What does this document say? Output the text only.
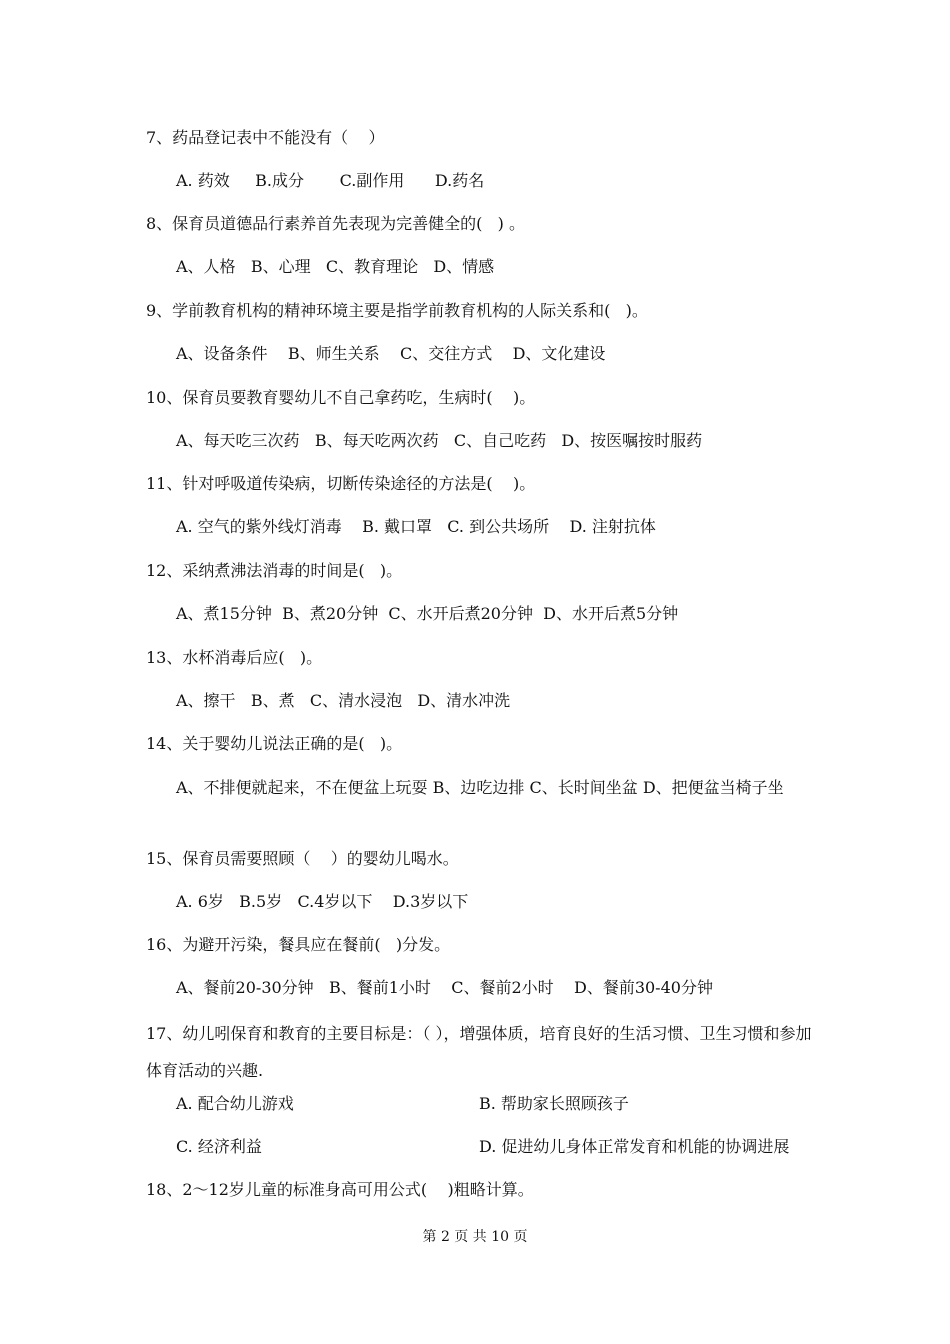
7、药品登记表中不能没有（    ）
A. 药效     B.成分       C.副作用      D.药名
8、保育员道德品行素养首先表现为完善健全的(   ) 。
A、人格   B、心理   C、教育理论   D、情感
9、学前教育机构的精神环境主要是指学前教育机构的人际关系和(   )。
A、设备条件    B、师生关系    C、交往方式    D、文化建设
10、保育员要教育婴幼儿不自己拿药吃，生病时(    )。
A、每天吃三次药   B、每天吃两次药   C、自己吃药   D、按医嘱按时服药
11、针对呼吸道传染病，切断传染途径的方法是(    )。
A. 空气的紫外线灯消毒    B. 戴口罩   C. 到公共场所    D. 注射抗体
12、采纳煮沸法消毒的时间是(   )。
A、煮15分钟  B、煮20分钟  C、水开后煮20分钟  D、水开后煮5分钟
13、水杯消毒后应(   )。
A、擦干   B、煮   C、清水浸泡   D、清水冲洗
14、关于婴幼儿说法正确的是(   )。
A、不排便就起来，不在便盆上玩耍 B、边吃边排 C、长时间坐盆 D、把便盆当椅子坐
15、保育员需要照顾（    ）的婴幼儿喝水。
A. 6岁   B.5岁   C.4岁以下    D.3岁以下
16、为避开污染，餐具应在餐前(   )分发。
A、餐前20-30分钟   B、餐前1小时    C、餐前2小时    D、餐前30-40分钟
17、幼儿吲保育和教育的主要目标是：（ ），增强体质，培育良好的生活习惯、卫生习惯和参加体育活动的兴趣.
A. 配合幼儿游戏	B. 帮助家长照顾孩子
C. 经济利益	D. 促进幼儿身体正常发育和机能的协调进展
18、2～12岁儿童的标准身高可用公式(    )粗略计算。
第 2 页 共 10 页
